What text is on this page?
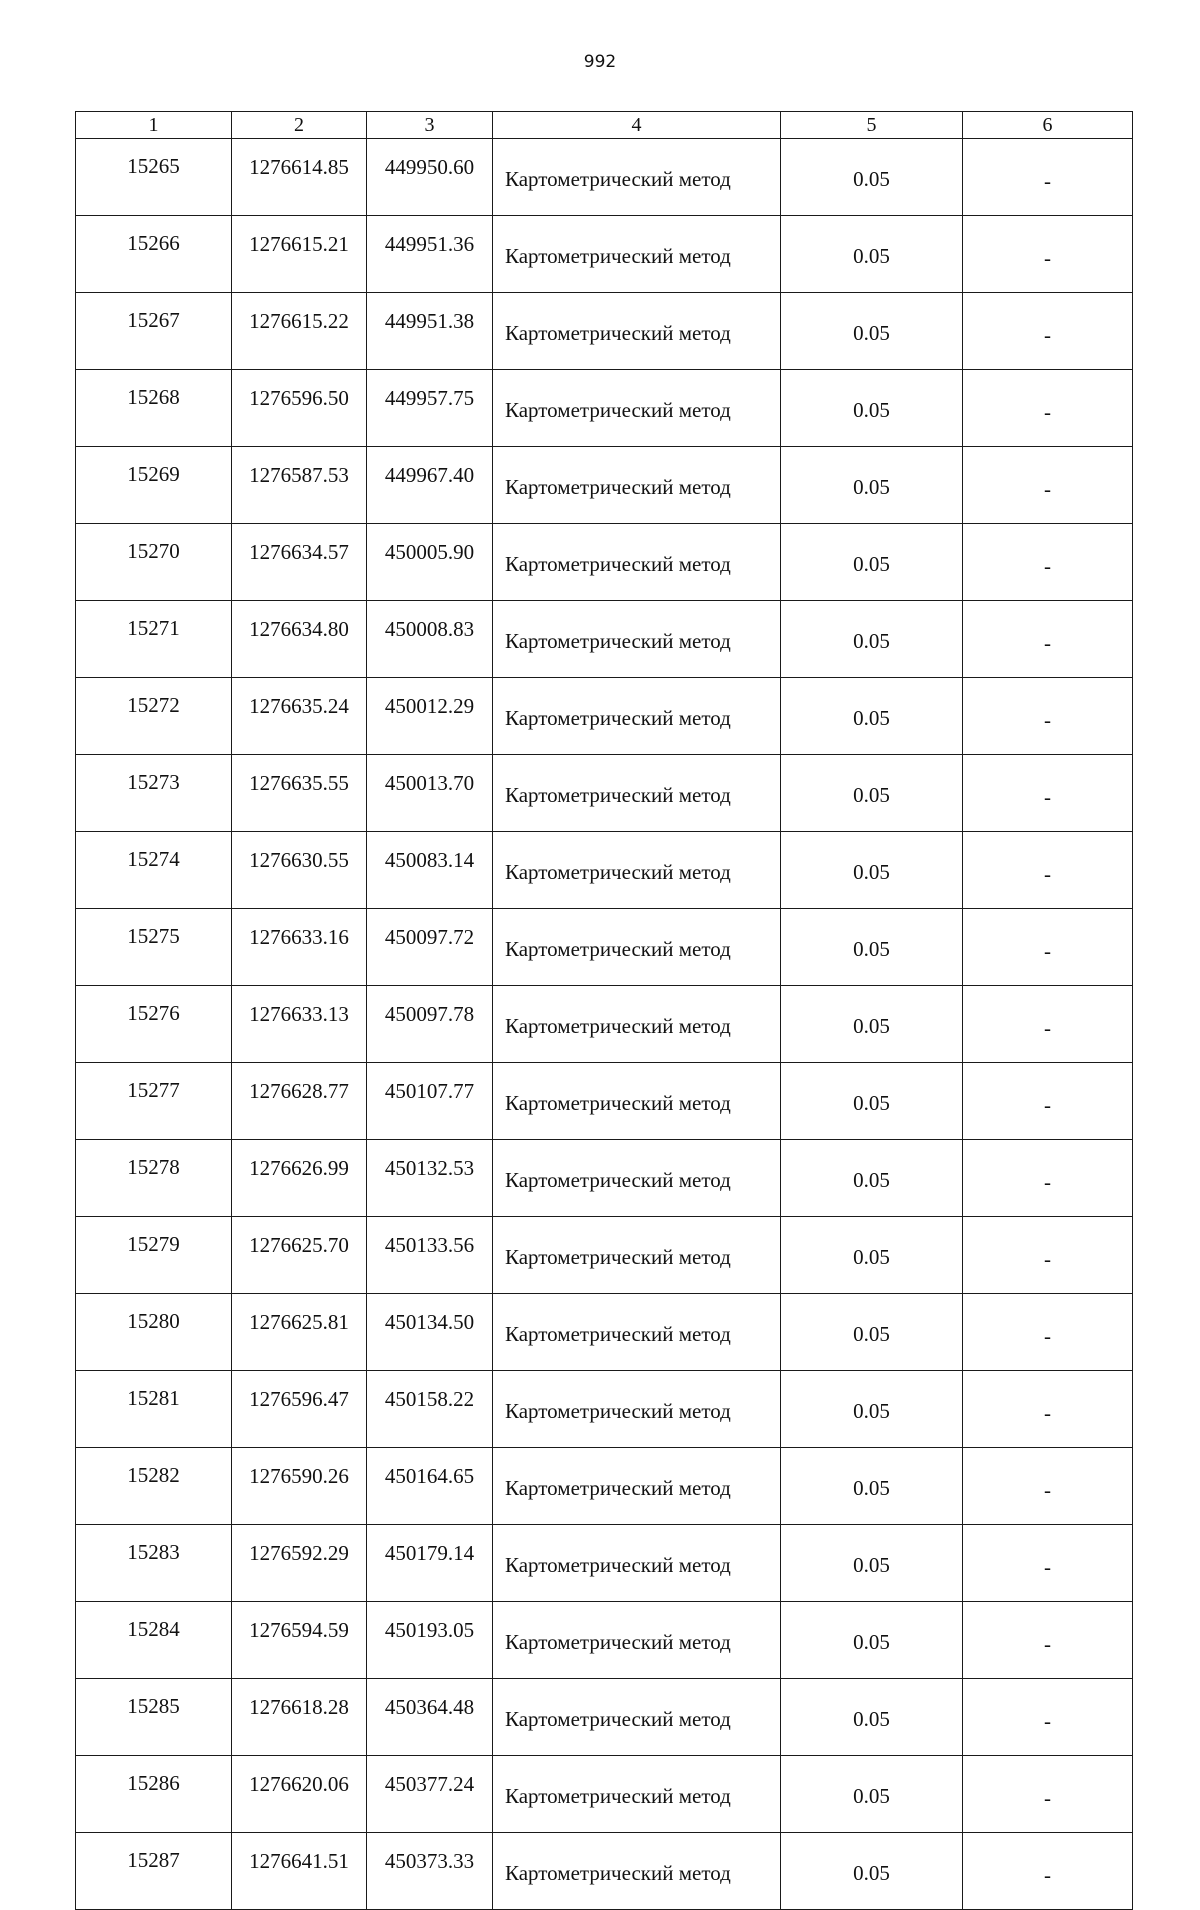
992
1	2	3	4	5	6
15265	1276614.85	449950.60	Картометрический метод	0.05	-
15266	1276615.21	449951.36	Картометрический метод	0.05	-
15267	1276615.22	449951.38	Картометрический метод	0.05	-
15268	1276596.50	449957.75	Картометрический метод	0.05	-
15269	1276587.53	449967.40	Картометрический метод	0.05	-
15270	1276634.57	450005.90	Картометрический метод	0.05	-
15271	1276634.80	450008.83	Картометрический метод	0.05	-
15272	1276635.24	450012.29	Картометрический метод	0.05	-
15273	1276635.55	450013.70	Картометрический метод	0.05	-
15274	1276630.55	450083.14	Картометрический метод	0.05	-
15275	1276633.16	450097.72	Картометрический метод	0.05	-
15276	1276633.13	450097.78	Картометрический метод	0.05	-
15277	1276628.77	450107.77	Картометрический метод	0.05	-
15278	1276626.99	450132.53	Картометрический метод	0.05	-
15279	1276625.70	450133.56	Картометрический метод	0.05	-
15280	1276625.81	450134.50	Картометрический метод	0.05	-
15281	1276596.47	450158.22	Картометрический метод	0.05	-
15282	1276590.26	450164.65	Картометрический метод	0.05	-
15283	1276592.29	450179.14	Картометрический метод	0.05	-
15284	1276594.59	450193.05	Картометрический метод	0.05	-
15285	1276618.28	450364.48	Картометрический метод	0.05	-
15286	1276620.06	450377.24	Картометрический метод	0.05	-
15287	1276641.51	450373.33	Картометрический метод	0.05	-
